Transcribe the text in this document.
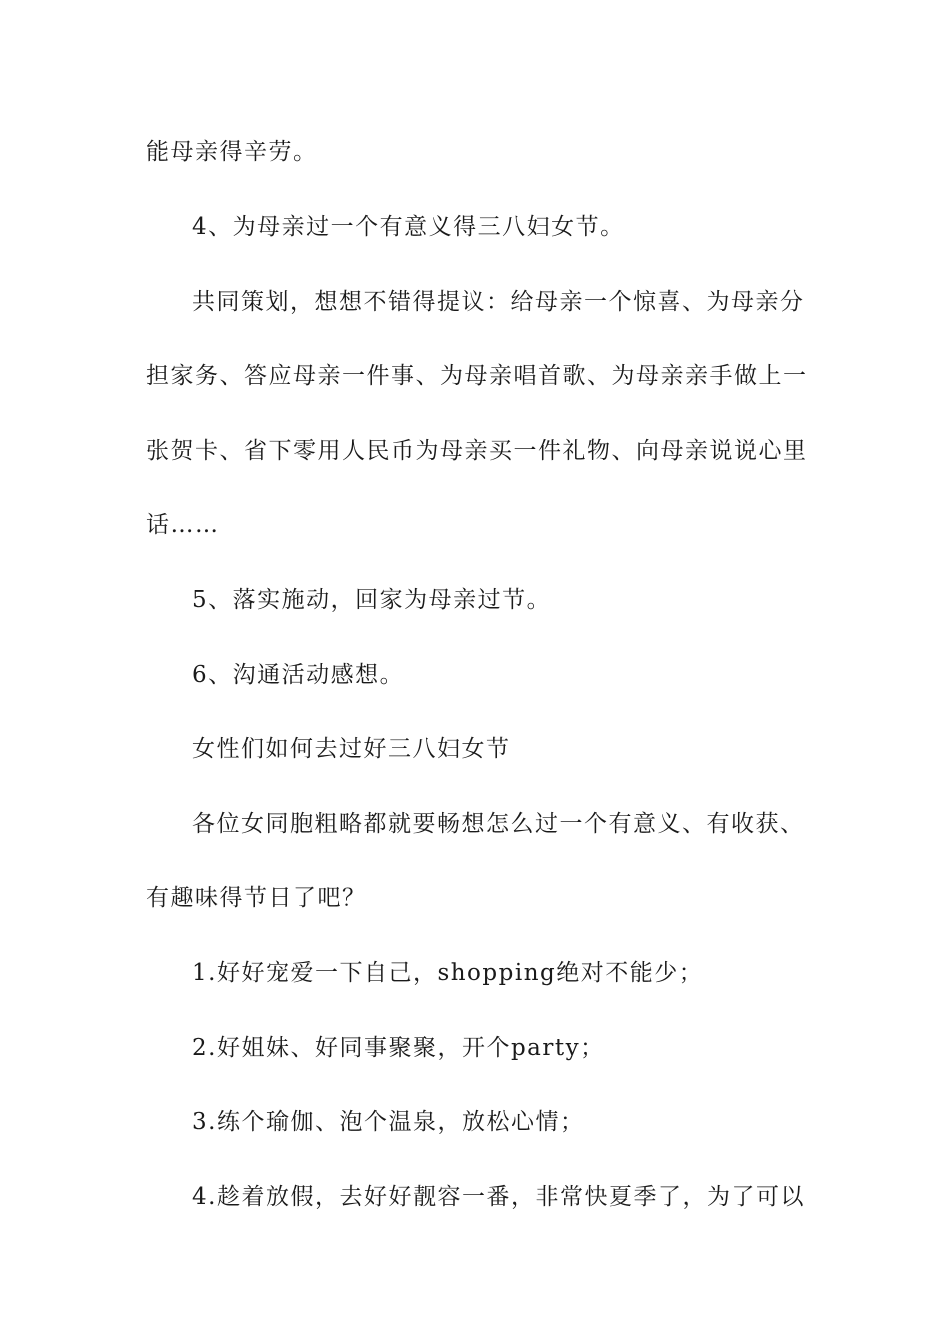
能母亲得辛劳。
4、为母亲过一个有意义得三八妇女节。
共同策划，想想不错得提议：给母亲一个惊喜、为母亲分
担家务、答应母亲一件事、为母亲唱首歌、为母亲亲手做上一
张贺卡、省下零用人民币为母亲买一件礼物、向母亲说说心里
话……
5、落实施动，回家为母亲过节。
6、沟通活动感想。
女性们如何去过好三八妇女节
各位女同胞粗略都就要畅想怎么过一个有意义、有收获、
有趣味得节日了吧？
1.好好宠爱一下自己，shopping绝对不能少；
2.好姐妹、好同事聚聚，开个party；
3.练个瑜伽、泡个温泉，放松心情；
4.趁着放假，去好好靓容一番，非常快夏季了，为了可以
